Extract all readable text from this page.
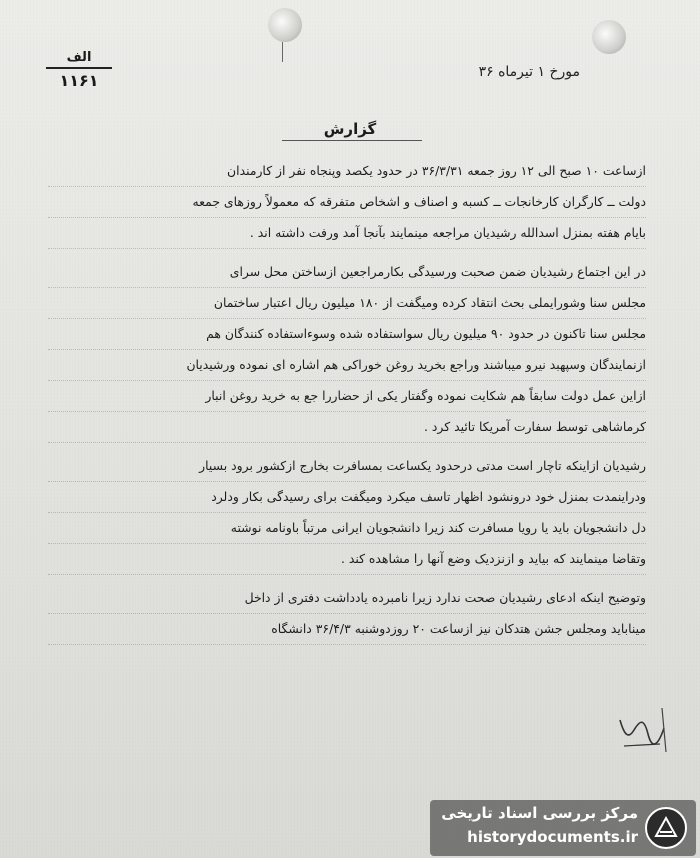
الف
۱۱۶۱	مورخ ۱ تیرماه ۳۶
گزارش
ازساعت ۱۰ صبح الی ۱۲ روز جمعه ۳۶/۳/۳۱ در حدود یکصد وپنجاه نفر از کارمندان
دولت ــ کارگران کارخانجات ــ کسبه و اصناف و اشخاص متفرقه که معمولاً روزهای جمعه
بایام هفته بمنزل اسدالله رشیدیان مراجعه مینمایند بآنجا آمد ورفت داشته اند .
در این اجتماع رشیدیان ضمن صحبت ورسیدگی بکارمراجعین ازساختن محل سرای
مجلس سنا وشورایملی بحث انتقاد کرده ومیگفت از ۱۸۰ میلیون ریال اعتبار ساختمان
مجلس سنا تاکنون در حدود ۹۰ میلیون ریال سواستفاده شده وسوءاستفاده کنندگان هم
ازنمایندگان وسپهبد نیرو میباشند وراجع بخرید روغن خوراکی هم اشاره ای نموده ورشیدیان
ازاین عمل دولت سابقاً هم شکایت نموده وگفتار یکی از حضاررا جع به خرید روغن انبار
کرماشاهی توسط سفارت آمریکا تائید کرد .
رشیدیان ازاینکه تاچار است مدتی درحدود یکساعت بمسافرت بخارج ازکشور برود بسیار
ودراینمدت بمنزل خود درونشود اظهار تاسف میکرد ومیگفت برای رسیدگی بکار ودلرد
دل دانشجویان باید یا رویا مسافرت کند زیرا دانشجویان ایرانی مرتباً باونامه نوشته
وتقاضا مینمایند که بیاید و ازنزدیک وضع آنها را مشاهده کند .
وتوضیح اینکه ادعای رشیدیان صحت ندارد زیرا نامبرده یادداشت دفتری از داخل
میناباید ومجلس جشن هتدکان نیز ازساعت ۲۰ روزدوشنبه ۳۶/۴/۳ دانشگاه
مرکز بررسی اسناد تاریخی
historydocuments.ir
